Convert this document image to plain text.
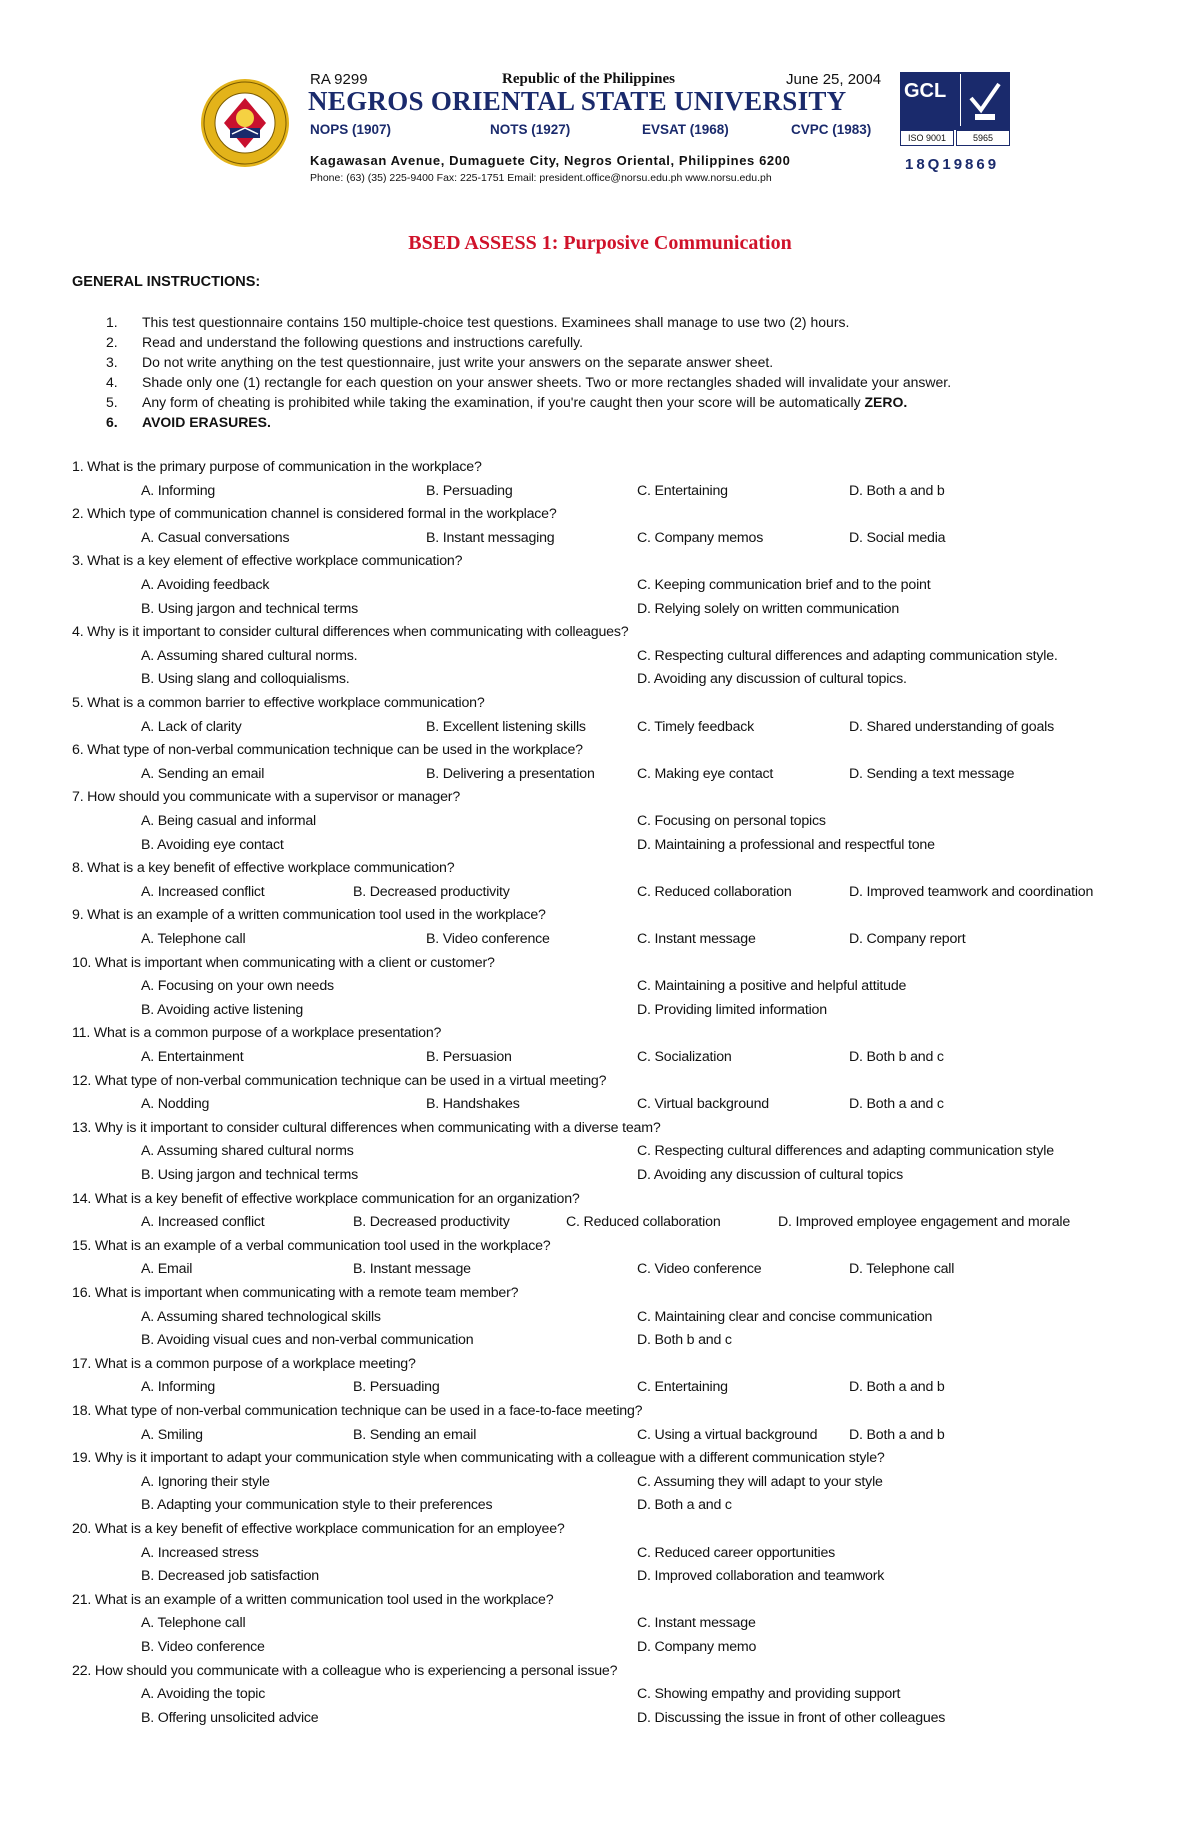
RA 9299	Republic of the Philippines	June 25, 2004
NEGROS ORIENTAL STATE UNIVERSITY
NOPS (1907)	NOTS (1927)	EVSAT (1968)	CVPC (1983)
Kagawasan Avenue, Dumaguete City, Negros Oriental, Philippines 6200
Phone: (63) (35) 225-9400 Fax: 225-1751 Email: president.office@norsu.edu.ph www.norsu.edu.ph
GCL
ISO 9001	5965
18Q19869
BSED ASSESS 1: Purposive Communication
GENERAL INSTRUCTIONS:
1. This test questionnaire contains 150 multiple-choice test questions. Examinees shall manage to use two (2) hours.
2. Read and understand the following questions and instructions carefully.
3. Do not write anything on the test questionnaire, just write your answers on the separate answer sheet.
4. Shade only one (1) rectangle for each question on your answer sheets. Two or more rectangles shaded will invalidate your answer.
5. Any form of cheating is prohibited while taking the examination, if you're caught then your score will be automatically ZERO.
6. AVOID ERASURES.
1. What is the primary purpose of communication in the workplace?
A. Informing	B. Persuading	C. Entertaining	D. Both a and b
2. Which type of communication channel is considered formal in the workplace?
A. Casual conversations	B. Instant messaging	C. Company memos	D. Social media
3. What is a key element of effective workplace communication?
A. Avoiding feedback	C. Keeping communication brief and to the point
B. Using jargon and technical terms	D. Relying solely on written communication
4. Why is it important to consider cultural differences when communicating with colleagues?
A. Assuming shared cultural norms.	C. Respecting cultural differences and adapting communication style.
B. Using slang and colloquialisms.	D. Avoiding any discussion of cultural topics.
5. What is a common barrier to effective workplace communication?
A. Lack of clarity	B. Excellent listening skills	C. Timely feedback	D. Shared understanding of goals
6. What type of non-verbal communication technique can be used in the workplace?
A. Sending an email	B. Delivering a presentation	C. Making eye contact	D. Sending a text message
7. How should you communicate with a supervisor or manager?
A. Being casual and informal	C. Focusing on personal topics
B. Avoiding eye contact	D. Maintaining a professional and respectful tone
8. What is a key benefit of effective workplace communication?
A. Increased conflict	B. Decreased productivity	C. Reduced collaboration	D. Improved teamwork and coordination
9. What is an example of a written communication tool used in the workplace?
A. Telephone call	B. Video conference	C. Instant message	D. Company report
10. What is important when communicating with a client or customer?
A. Focusing on your own needs	C. Maintaining a positive and helpful attitude
B. Avoiding active listening	D. Providing limited information
11. What is a common purpose of a workplace presentation?
A. Entertainment	B. Persuasion	C. Socialization	D. Both b and c
12. What type of non-verbal communication technique can be used in a virtual meeting?
A. Nodding	B. Handshakes	C. Virtual background	D. Both a and c
13. Why is it important to consider cultural differences when communicating with a diverse team?
A. Assuming shared cultural norms	C. Respecting cultural differences and adapting communication style
B. Using jargon and technical terms	D. Avoiding any discussion of cultural topics
14. What is a key benefit of effective workplace communication for an organization?
A. Increased conflict	B. Decreased productivity	C. Reduced collaboration	D. Improved employee engagement and morale
15. What is an example of a verbal communication tool used in the workplace?
A. Email	B. Instant message	C. Video conference	D. Telephone call
16. What is important when communicating with a remote team member?
A. Assuming shared technological skills	C. Maintaining clear and concise communication
B. Avoiding visual cues and non-verbal communication	D. Both b and c
17. What is a common purpose of a workplace meeting?
A. Informing	B. Persuading	C. Entertaining	D. Both a and b
18. What type of non-verbal communication technique can be used in a face-to-face meeting?
A. Smiling	B. Sending an email	C. Using a virtual background D. Both a and b
19. Why is it important to adapt your communication style when communicating with a colleague with a different communication style?
A. Ignoring their style	C. Assuming they will adapt to your style
B. Adapting your communication style to their preferences	D. Both a and c
20. What is a key benefit of effective workplace communication for an employee?
A. Increased stress	C. Reduced career opportunities
B. Decreased job satisfaction	D. Improved collaboration and teamwork
21. What is an example of a written communication tool used in the workplace?
A. Telephone call	C. Instant message
B. Video conference	D. Company memo
22. How should you communicate with a colleague who is experiencing a personal issue?
A. Avoiding the topic	C. Showing empathy and providing support
B. Offering unsolicited advice	D. Discussing the issue in front of other colleagues
